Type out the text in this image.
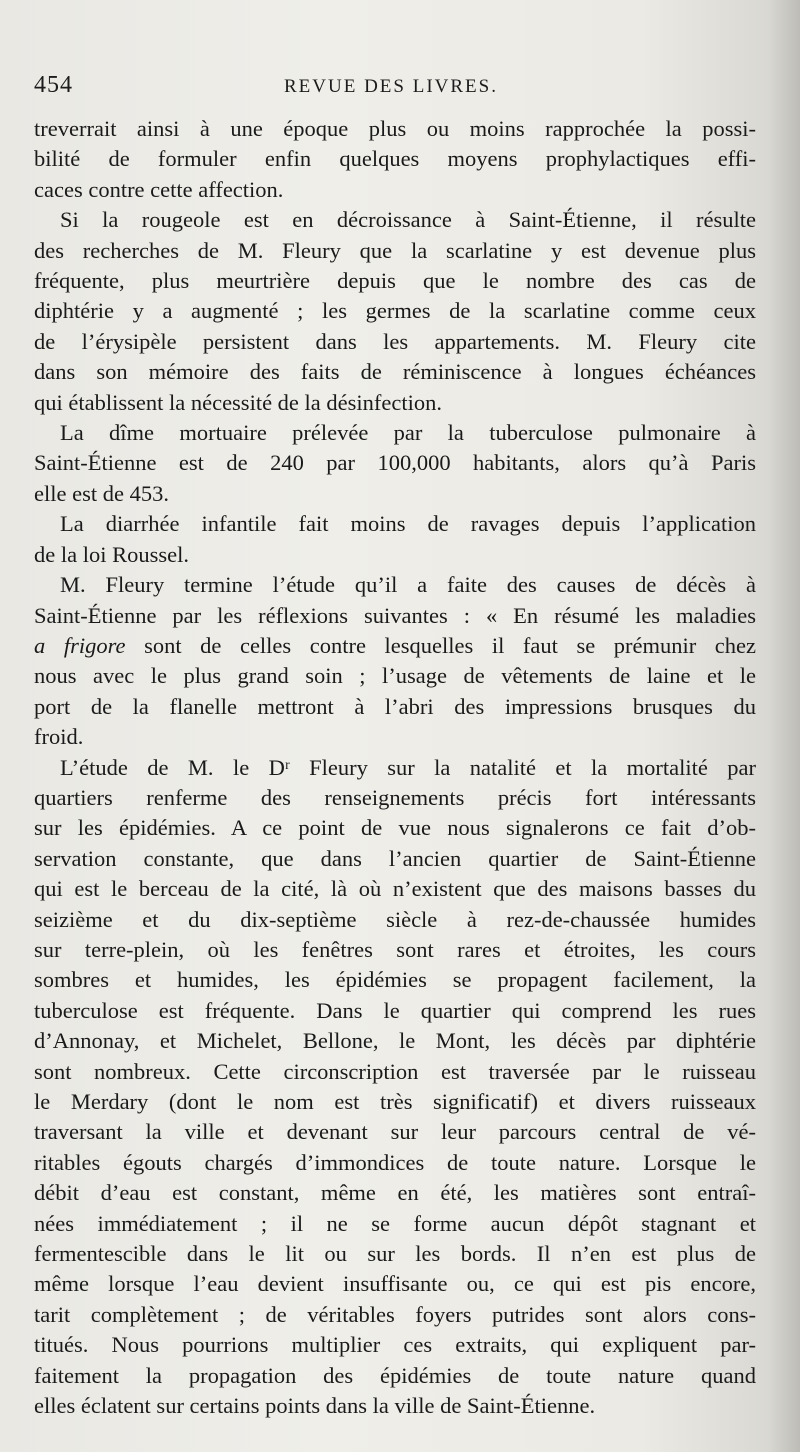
454	REVUE DES LIVRES.
treverrait ainsi à une époque plus ou moins rapprochée la possi-
bilité de formuler enfin quelques moyens prophylactiques effi-
caces contre cette affection.
Si la rougeole est en décroissance à Saint-Étienne, il résulte
des recherches de M. Fleury que la scarlatine y est devenue plus
fréquente, plus meurtrière depuis que le nombre des cas de
diphtérie y a augmenté ; les germes de la scarlatine comme ceux
de l’érysipèle persistent dans les appartements. M. Fleury cite
dans son mémoire des faits de réminiscence à longues échéances
qui établissent la nécessité de la désinfection.
La dîme mortuaire prélevée par la tuberculose pulmonaire à
Saint-Étienne est de 240 par 100,000 habitants, alors qu’à Paris
elle est de 453.
La diarrhée infantile fait moins de ravages depuis l’application
de la loi Roussel.
M. Fleury termine l’étude qu’il a faite des causes de décès à
Saint-Étienne par les réflexions suivantes : « En résumé les maladies
a frigore sont de celles contre lesquelles il faut se prémunir chez
nous avec le plus grand soin ; l’usage de vêtements de laine et le
port de la flanelle mettront à l’abri des impressions brusques du
froid.
L’étude de M. le Dʳ Fleury sur la natalité et la mortalité par
quartiers renferme des renseignements précis fort intéressants
sur les épidémies. A ce point de vue nous signalerons ce fait d’ob-
servation constante, que dans l’ancien quartier de Saint-Étienne
qui est le berceau de la cité, là où n’existent que des maisons basses du
seizième et du dix-septième siècle à rez-de-chaussée humides
sur terre-plein, où les fenêtres sont rares et étroites, les cours
sombres et humides, les épidémies se propagent facilement, la
tuberculose est fréquente. Dans le quartier qui comprend les rues
d’Annonay, et Michelet, Bellone, le Mont, les décès par diphtérie
sont nombreux. Cette circonscription est traversée par le ruisseau
le Merdary (dont le nom est très significatif) et divers ruisseaux
traversant la ville et devenant sur leur parcours central de vé-
ritables égouts chargés d’immondices de toute nature. Lorsque le
débit d’eau est constant, même en été, les matières sont entraî-
nées immédiatement ; il ne se forme aucun dépôt stagnant et
fermentescible dans le lit ou sur les bords. Il n’en est plus de
même lorsque l’eau devient insuffisante ou, ce qui est pis encore,
tarit complètement ; de véritables foyers putrides sont alors cons-
titués. Nous pourrions multiplier ces extraits, qui expliquent par-
faitement la propagation des épidémies de toute nature quand
elles éclatent sur certains points dans la ville de Saint-Étienne.
